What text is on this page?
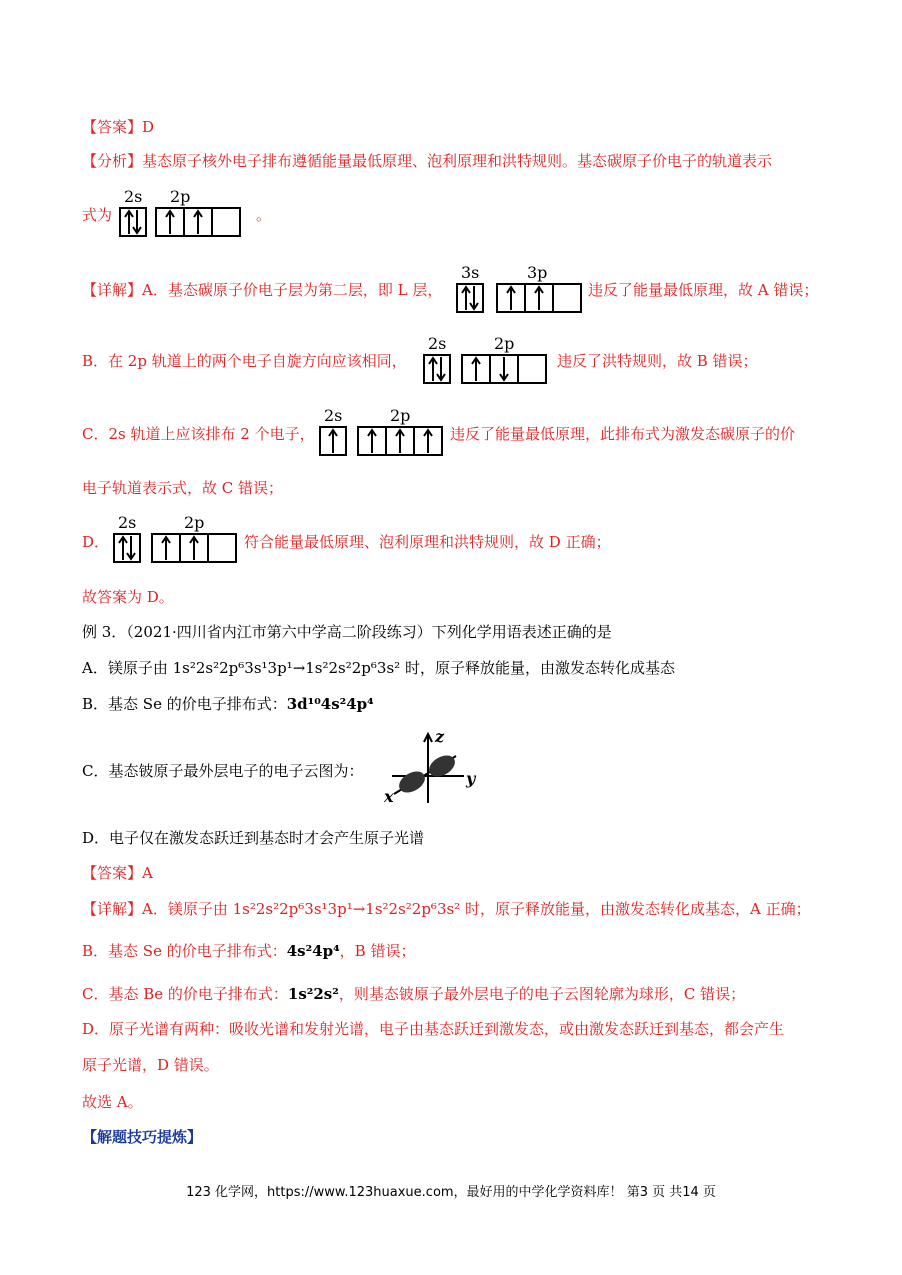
【答案】D
【分析】基态原子核外电子排布遵循能量最低原理、泡利原理和洪特规则。基态碳原子价电子的轨道表示
式为
2s 2p
。
【详解】A．基态碳原子价电子层为第二层，即 L 层，
3s	3p
违反了能量最低原理，故 A 错误；
B．在 2p 轨道上的两个电子自旋方向应该相同，
2s	2p
违反了洪特规则，故 B 错误；
C．2s 轨道上应该排布 2 个电子，
2s	2p
违反了能量最低原理，此排布式为激发态碳原子的价
电子轨道表示式，故 C 错误；
D．
2s	2p
符合能量最低原理、泡利原理和洪特规则，故 D 正确；
故答案为 D。
例 3．（2021·四川省内江市第六中学高二阶段练习）下列化学用语表述正确的是
A．镁原子由 1s²2s²2p⁶3s¹3p¹→1s²2s²2p⁶3s² 时，原子释放能量，由激发态转化成基态
B．基态 Se 的价电子排布式：3d¹⁰4s²4p⁴
C．基态铍原子最外层电子的电子云图为：
z
y
x
D．电子仅在激发态跃迁到基态时才会产生原子光谱
【答案】A
【详解】A．镁原子由 1s²2s²2p⁶3s¹3p¹→1s²2s²2p⁶3s² 时，原子释放能量，由激发态转化成基态，A 正确；
B．基态 Se 的价电子排布式：4s²4p⁴，B 错误；
C．基态 Be 的价电子排布式：1s²2s²，则基态铍原子最外层电子的电子云图轮廓为球形，C 错误；
D．原子光谱有两种：吸收光谱和发射光谱，电子由基态跃迁到激发态，或由激发态跃迁到基态，都会产生
原子光谱，D 错误。
故选 A。
【解题技巧提炼】
123 化学网，https://www.123huaxue.com，最好用的中学化学资料库！ 第3 页 共14 页
